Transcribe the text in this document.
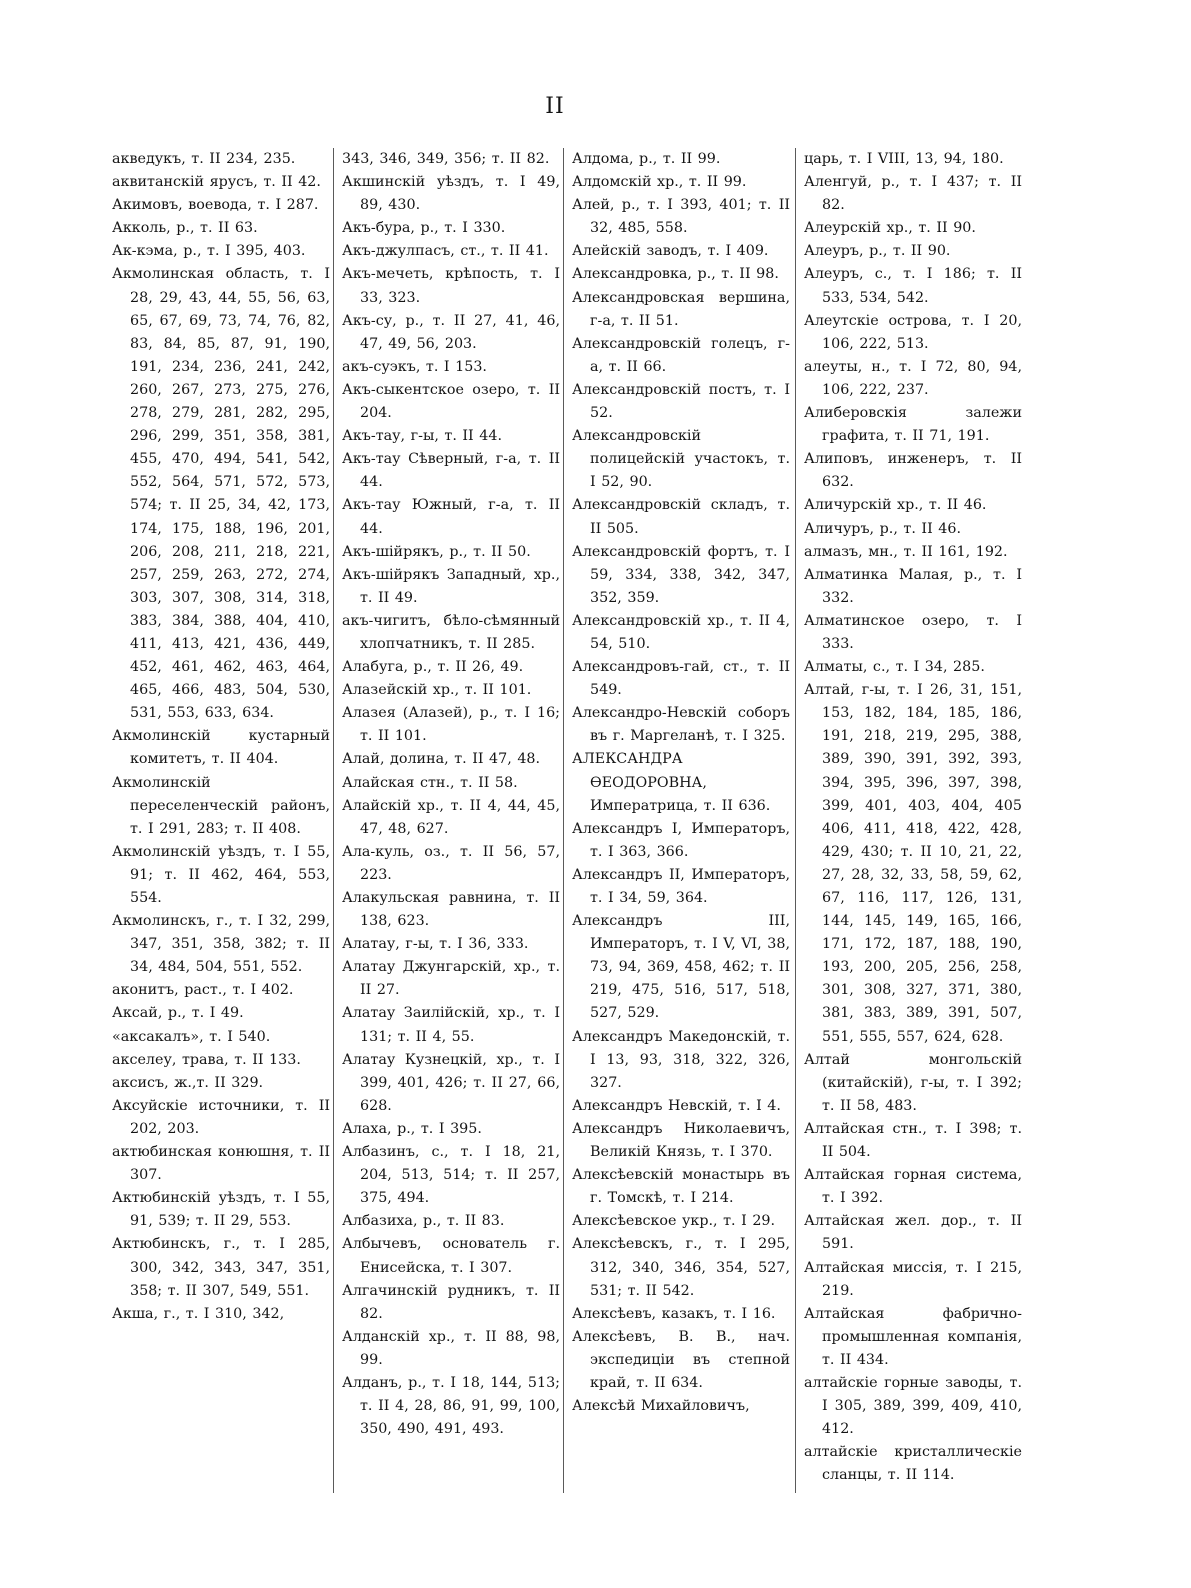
II

акведукъ, т. II 234, 235.

аквитанскій ярусъ, т. II 42.

Акимовъ, воевода, т. I 287.

Акколь, р., т. II 63.

Ак-кэма, р., т. I 395, 403.

Акмолинская область, т. I 28, 29, 43, 44, 55, 56, 63, 65, 67, 69, 73, 74, 76, 82, 83, 84, 85, 87, 91, 190, 191, 234, 236, 241, 242, 260, 267, 273, 275, 276, 278, 279, 281, 282, 295, 296, 299, 351, 358, 381, 455, 470, 494, 541, 542, 552, 564, 571, 572, 573, 574; т. II 25, 34, 42, 173, 174, 175, 188, 196, 201, 206, 208, 211, 218, 221, 257, 259, 263, 272, 274, 303, 307, 308, 314, 318, 383, 384, 388, 404, 410, 411, 413, 421, 436, 449, 452, 461, 462, 463, 464, 465, 466, 483, 504, 530, 531, 553, 633, 634.

Акмолинскій кустарный комитетъ, т. II 404.

Акмолинскій переселенческій районъ, т. I 291, 283; т. II 408.

Акмолинскій уѣздъ, т. I 55, 91; т. II 462, 464, 553, 554.

Акмолинскъ, г., т. I 32, 299, 347, 351, 358, 382; т. II 34, 484, 504, 551, 552.

аконитъ, раст., т. I 402.

Аксай, р., т. I 49.

«аксакалъ», т. I 540.

акселеу, трава, т. II 133.

аксисъ, ж.,т. II 329.

Аксуйскіе источники, т. II 202, 203.

актюбинская конюшня, т. II 307.

Актюбинскій уѣздъ, т. I 55, 91, 539; т. II 29, 553.

Актюбинскъ, г., т. I 285, 300, 342, 343, 347, 351, 358; т. II 307, 549, 551.

Акша, г., т. I 310, 342,

343, 346, 349, 356; т. II 82.

Акшинскій уѣздъ, т. I 49, 89, 430.

Акъ-бура, р., т. I 330.

Акъ-джулпасъ, ст., т. II 41.

Акъ-мечеть, крѣпость, т. I 33, 323.

Акъ-су, р., т. II 27, 41, 46, 47, 49, 56, 203.

акъ-суэкъ, т. I 153.

Акъ-сыкентское озеро, т. II 204.

Акъ-тау, г-ы, т. II 44.

Акъ-тау Сѣверный, г-а, т. II 44.

Акъ-тау Южный, г-а, т. II 44.

Акъ-шійрякъ, р., т. II 50.

Акъ-шійрякъ Западный, хр., т. II 49.

акъ-чигитъ, бѣло-сѣмянный хлопчатникъ, т. II 285.

Алабуга, р., т. II 26, 49.

Алазейскій хр., т. II 101.

Алазея (Алазей), р., т. I 16; т. II 101.

Алай, долина, т. II 47, 48.

Алайская стн., т. II 58.

Алайскій хр., т. II 4, 44, 45, 47, 48, 627.

Ала-куль, оз., т. II 56, 57, 223.

Алакульская равнина, т. II 138, 623.

Алатау, г-ы, т. I 36, 333.

Алатау Джунгарскій, хр., т. II 27.

Алатау Заилійскій, хр., т. I 131; т. II 4, 55.

Алатау Кузнецкій, хр., т. I 399, 401, 426; т. II 27, 66, 628.

Алаха, р., т. I 395.

Албазинъ, с., т. I 18, 21, 204, 513, 514; т. II 257, 375, 494.

Албазиха, р., т. II 83.

Албычевъ, основатель г. Енисейска, т. I 307.

Алгачинскій рудникъ, т. II 82.

Алданскій хр., т. II 88, 98, 99.

Алданъ, р., т. I 18, 144, 513; т. II 4, 28, 86, 91, 99, 100, 350, 490, 491, 493.

Алдома, р., т. II 99.

Алдомскій хр., т. II 99.

Алей, р., т. I 393, 401; т. II 32, 485, 558.

Алейскій заводъ, т. I 409.

Александровка, р., т. II 98.

Александровская вершина, г-а, т. II 51.

Александровскій голецъ, г-а, т. II 66.

Александровскій постъ, т. I 52.

Александровскій полицейскій участокъ, т. I 52, 90.

Александровскій складъ, т. II 505.

Александровскій фортъ, т. I 59, 334, 338, 342, 347, 352, 359.

Александровскій хр., т. II 4, 54, 510.

Александровъ-гай, ст., т. II 549.

Александро-Невскій соборъ въ г. Маргеланѣ, т. I 325.

АЛЕКСАНДРА ѲЕОДОРОВНА, Императрица, т. II 636.

Александръ I, Императоръ, т. I 363, 366.

Александръ II, Императоръ, т. I 34, 59, 364.

Александръ III, Императоръ, т. I V, VI, 38, 73, 94, 369, 458, 462; т. II 219, 475, 516, 517, 518, 527, 529.

Александръ Македонскій, т. I 13, 93, 318, 322, 326, 327.

Александръ Невскій, т. I 4.

Александръ Николаевичъ, Великій Князь, т. I 370.

Алексѣевскій монастырь въ г. Томскѣ, т. I 214.

Алексѣевское укр., т. I 29.

Алексѣевскъ, г., т. I 295, 312, 340, 346, 354, 527, 531; т. II 542.

Алексѣевъ, казакъ, т. I 16.

Алексѣевъ, В. В., нач. экспедиціи въ степной край, т. II 634.

Алексѣй Михайловичъ,

царь, т. I VIII, 13, 94, 180.

Аленгуй, р., т. I 437; т. II 82.

Алеурскій хр., т. II 90.

Алеуръ, р., т. II 90.

Алеуръ, с., т. I 186; т. II 533, 534, 542.

Алеутскіе острова, т. I 20, 106, 222, 513.

алеуты, н., т. I 72, 80, 94, 106, 222, 237.

Алиберовскія залежи графита, т. II 71, 191.

Алиповъ, инженеръ, т. II 632.

Аличурскій хр., т. II 46.

Аличуръ, р., т. II 46.

алмазъ, мн., т. II 161, 192.

Алматинка Малая, р., т. I 332.

Алматинское озеро, т. I 333.

Алматы, с., т. I 34, 285.

Алтай, г-ы, т. I 26, 31, 151, 153, 182, 184, 185, 186, 191, 218, 219, 295, 388, 389, 390, 391, 392, 393, 394, 395, 396, 397, 398, 399, 401, 403, 404, 405 406, 411, 418, 422, 428, 429, 430; т. II 10, 21, 22, 27, 28, 32, 33, 58, 59, 62, 67, 116, 117, 126, 131, 144, 145, 149, 165, 166, 171, 172, 187, 188, 190, 193, 200, 205, 256, 258, 301, 308, 327, 371, 380, 381, 383, 389, 391, 507, 551, 555, 557, 624, 628.

Алтай монгольскій (китайскій), г-ы, т. I 392; т. II 58, 483.

Алтайская стн., т. I 398; т. II 504.

Алтайская горная система, т. I 392.

Алтайская жел. дор., т. II 591.

Алтайская миссія, т. I 215, 219.

Алтайская фабрично-промышленная компанія, т. II 434.

алтайскіе горные заводы, т. I 305, 389, 399, 409, 410, 412.

алтайскіе кристаллическіе сланцы, т. II 114.
